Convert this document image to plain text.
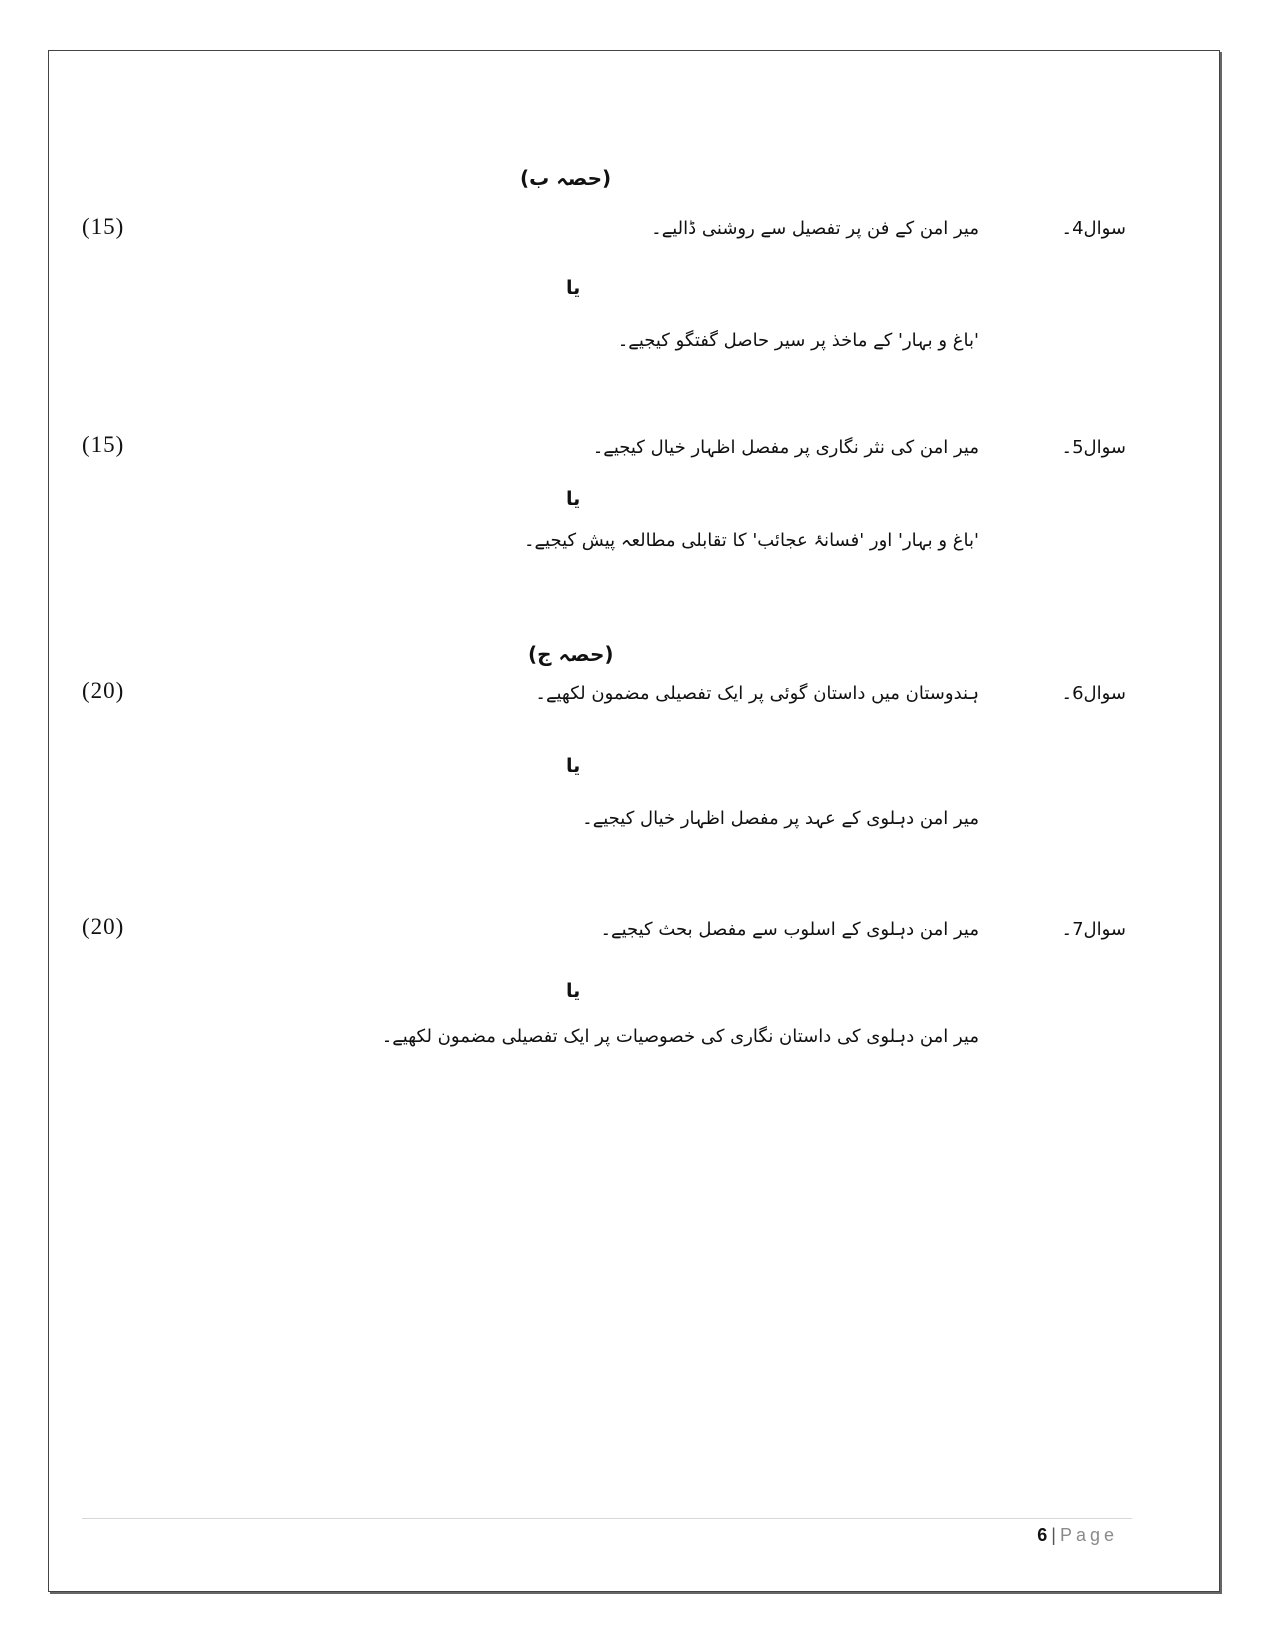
(حصہ ب)
سوال4۔
میر امن کے فن پر تفصیل سے روشنی ڈالیے۔
(15)
یا
'باغ و بہار' کے ماخذ پر سیر حاصل گفتگو کیجیے۔
سوال5۔
میر امن کی نثر نگاری پر مفصل اظہار خیال کیجیے۔
(15)
یا
'باغ و بہار' اور 'فسانۂ عجائب' کا تقابلی مطالعہ پیش کیجیے۔
(حصہ ج)
سوال6۔
ہندوستان میں داستان گوئی پر ایک تفصیلی مضمون لکھیے۔
(20)
یا
میر امن دہلوی کے عہد پر مفصل اظہار خیال کیجیے۔
سوال7۔
میر امن دہلوی کے اسلوب سے مفصل بحث کیجیے۔
(20)
یا
میر امن دہلوی کی داستان نگاری کی خصوصیات پر ایک تفصیلی مضمون لکھیے۔
6 | Page
